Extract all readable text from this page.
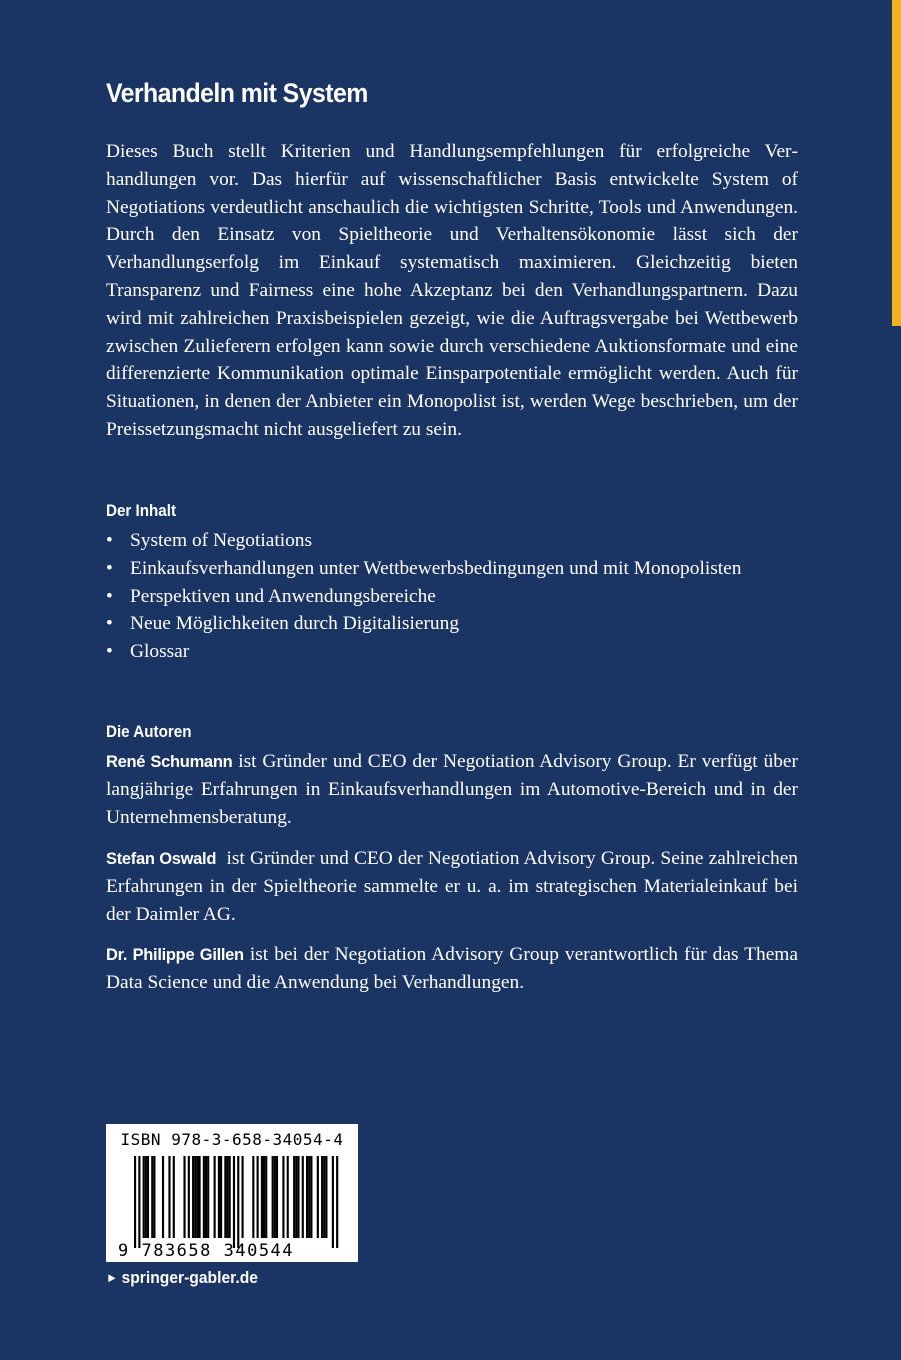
Verhandeln mit System

Dieses Buch stellt Kriterien und Handlungsempfehlungen für erfolgreiche Verhandlungen vor. Das hierfür auf wissenschaftlicher Basis entwickelte System of Negotiations verdeutlicht anschaulich die wichtigsten Schritte, Tools und Anwendungen. Durch den Einsatz von Spieltheorie und Verhaltensökonomie lässt sich der Verhandlungserfolg im Einkauf systematisch maximieren. Gleichzeitig bieten Transparenz und Fairness eine hohe Akzeptanz bei den Verhandlungspartnern. Dazu wird mit zahlreichen Praxisbeispielen gezeigt, wie die Auftragsvergabe bei Wettbewerb zwischen Zulieferern erfolgen kann sowie durch verschiedene Auktionsformate und eine differenzierte Kommunikation optimale Einsparpotentiale ermöglicht werden. Auch für Situationen, in denen der Anbieter ein Monopolist ist, werden Wege beschrieben, um der Preissetzungsmacht nicht ausgeliefert zu sein.

Der Inhalt
• System of Negotiations
• Einkaufsverhandlungen unter Wettbewerbsbedingungen und mit Monopolisten
• Perspektiven und Anwendungsbereiche
• Neue Möglichkeiten durch Digitalisierung
• Glossar
Die Autoren

René Schumann ist Gründer und CEO der Negotiation Advisory Group. Er verfügt über langjährige Erfahrungen in Einkaufsverhandlungen im Automotive-Bereich und in der Unternehmensberatung.

Stefan Oswald  ist Gründer und CEO der Negotiation Advisory Group. Seine zahlreichen Erfahrungen in der Spieltheorie sammelte er u. a. im strategischen Materialeinkauf bei der Daimler AG.

Dr. Philippe Gillen ist bei der Negotiation Advisory Group verantwortlich für das Thema Data Science und die Anwendung bei Verhandlungen.

ISBN 978-3-658-34054-4
9 783658 340544
► springer-gabler.de
